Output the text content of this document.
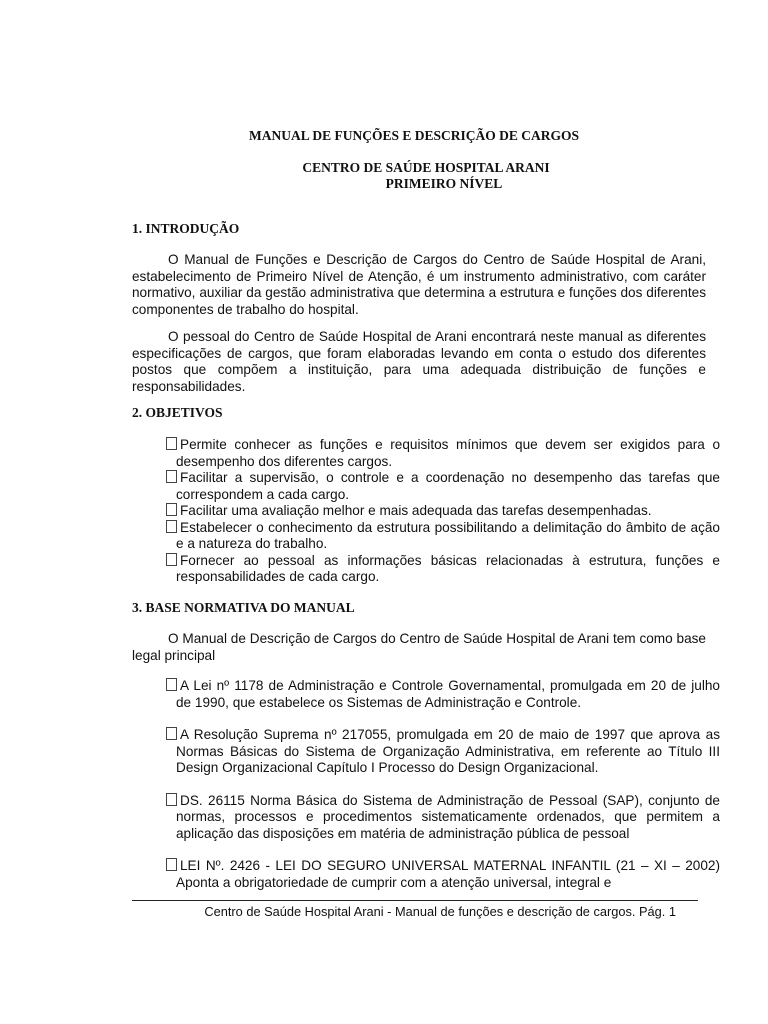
MANUAL DE FUNÇÕES E DESCRIÇÃO DE CARGOS
CENTRO DE SAÚDE HOSPITAL ARANI
PRIMEIRO NÍVEL
1. INTRODUÇÃO

O Manual de Funções e Descrição de Cargos do Centro de Saúde Hospital de Arani, estabelecimento de Primeiro Nível de Atenção, é um instrumento administrativo, com caráter normativo, auxiliar da gestão administrativa que determina a estrutura e funções dos diferentes componentes de trabalho do hospital.

O pessoal do Centro de Saúde Hospital de Arani encontrará neste manual as diferentes especificações de cargos, que foram elaboradas levando em conta o estudo dos diferentes postos que compõem a instituição, para uma adequada distribuição de funções e responsabilidades.

2. OBJETIVOS
Permite conhecer as funções e requisitos mínimos que devem ser exigidos para o desempenho dos diferentes cargos.
Facilitar a supervisão, o controle e a coordenação no desempenho das tarefas que correspondem a cada cargo.
Facilitar uma avaliação melhor e mais adequada das tarefas desempenhadas.
Estabelecer o conhecimento da estrutura possibilitando a delimitação do âmbito de ação e a natureza do trabalho.
Fornecer ao pessoal as informações básicas relacionadas à estrutura, funções e responsabilidades de cada cargo.
3. BASE NORMATIVA DO MANUAL

O Manual de Descrição de Cargos do Centro de Saúde Hospital de Arani tem como base legal principal

A Lei nº 1178 de Administração e Controle Governamental, promulgada em 20 de julho de 1990, que estabelece os Sistemas de Administração e Controle.
A Resolução Suprema nº 217055, promulgada em 20 de maio de 1997 que aprova as Normas Básicas do Sistema de Organização Administrativa, em referente ao Título III Design Organizacional Capítulo I Processo do Design Organizacional.
DS. 26115 Norma Básica do Sistema de Administração de Pessoal (SAP), conjunto de normas, processos e procedimentos sistematicamente ordenados, que permitem a aplicação das disposições em matéria de administração pública de pessoal
LEI Nº. 2426 - LEI DO SEGURO UNIVERSAL MATERNAL INFANTIL (21 – XI – 2002) Aponta a obrigatoriedade de cumprir com a atenção universal, integral e
Centro de Saúde Hospital Arani - Manual de funções e descrição de cargos. Pág. 1
